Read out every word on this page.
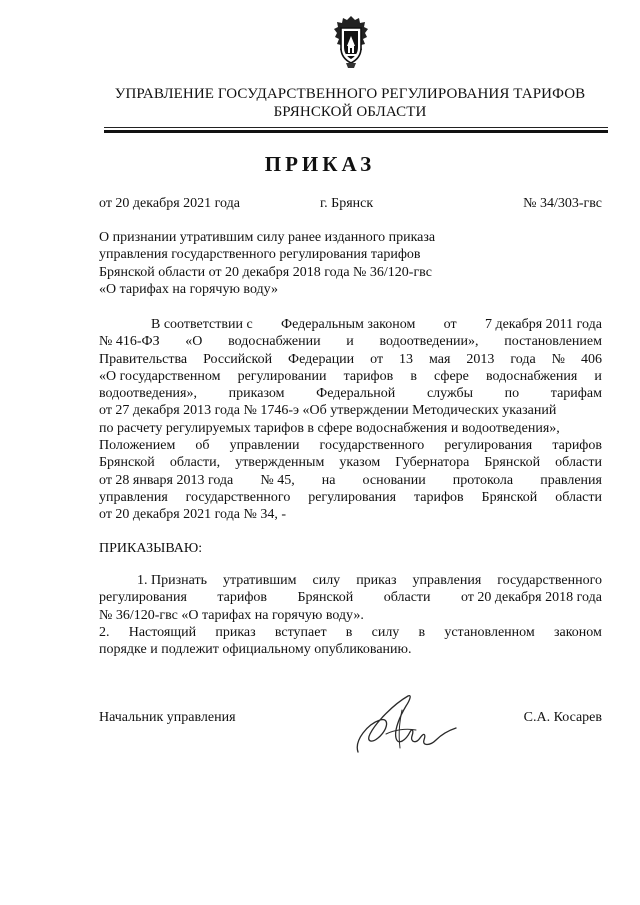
УПРАВЛЕНИЕ ГОСУДАРСТВЕННОГО РЕГУЛИРОВАНИЯ ТАРИФОВ
БРЯНСКОЙ ОБЛАСТИ
ПРИКАЗ
от 20 декабря 2021 года	г. Брянск	№ 34/303-гвс
О признании утратившим силу ранее изданного приказа
управления государственного регулирования тарифов
Брянской области от 20 декабря 2018 года № 36/120-гвс
«О тарифах на горячую воду»
В соответствии с Федеральным законом от 7 декабря 2011 года
№ 416-ФЗ «О водоснабжении и водоотведении», постановлением
Правительства Российской Федерации от 13 мая 2013 года № 406
«О государственном регулировании тарифов в сфере водоснабжения и
водоотведения», приказом Федеральной службы по тарифам
от 27 декабря 2013 года № 1746-э «Об утверждении Методических указаний
по расчету регулируемых тарифов в сфере водоснабжения и водоотведения»,
Положением об управлении государственного регулирования тарифов
Брянской области, утвержденным указом Губернатора Брянской области
от 28 января 2013 года № 45, на основании протокола правления
управления государственного регулирования тарифов Брянской области
от 20 декабря 2021 года № 34, -
ПРИКАЗЫВАЮ:
1. Признать утратившим силу приказ управления государственного
регулирования тарифов Брянской области от 20 декабря 2018 года
№ 36/120-гвс «О тарифах на горячую воду».
2. Настоящий приказ вступает в силу в установленном законом
порядке и подлежит официальному опубликованию.
Начальник управления	С.А. Косарев
